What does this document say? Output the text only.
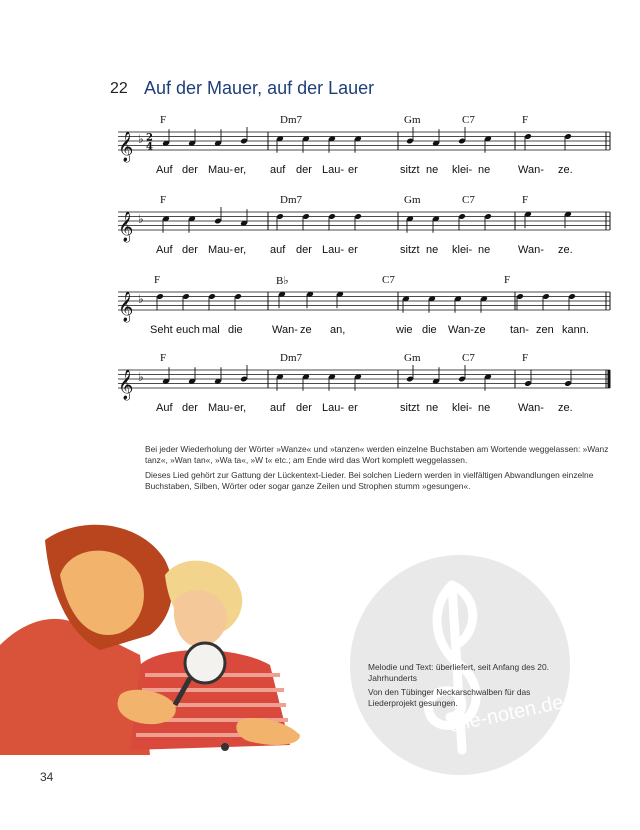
22 Auf der Mauer, auf der Lauer
𝄞 ♭ 2
4
F	Dm7	Gm	C7	F
Auf der Mau- er, auf der Lau- er	sitzt ne klei- ne	Wan- ze.
𝄞 ♭
F	Dm7	Gm	C7	F
Auf der Mau- er, auf der Lau- er	sitzt ne klei- ne	Wan- ze.
𝄞 ♭
F	B♭	C7	F
Seht euch mal die	Wan- ze an,	wie die Wan- ze tan- zen kann.
𝄞 ♭
F	Dm7	Gm	C7	F
Auf der Mau- er, auf der Lau- er	sitzt ne klei- ne	Wan- ze.
Bei jeder Wiederholung der Wörter »Wanze« und »tanzen« werden einzelne Buchstaben am Wortende weggelassen: »Wanz tanz«, »Wan tan«, »Wa ta«, »W t« etc.; am Ende wird das Wort komplett weggelassen.
Dieses Lied gehört zur Gattung der Lückentext-Lieder. Bei solchen Liedern werden in vielfältigen Abwandlungen einzelne Buchstaben, Silben, Wörter oder sogar ganze Zeilen und Strophen stumm »gesungen«.
alle-noten.de
Melodie und Text: überliefert, seit Anfang des 20. Jahrhunderts
Von den Tübinger Neckarschwalben für das Liederprojekt gesungen.
34
